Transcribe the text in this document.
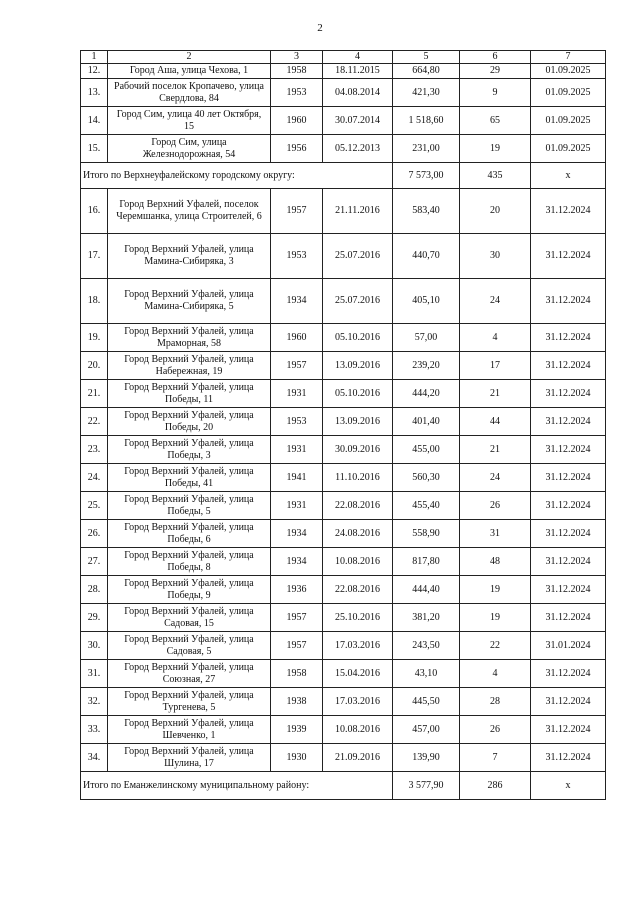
2
1	2	3	4	5	6	7
12.	Город Аша, улица Чехова, 1	1958	18.11.2015	664,80	29	01.09.2025
13.	Рабочий поселок Кропачево, улица Свердлова, 84	1953	04.08.2014	421,30	9	01.09.2025
14.	Город Сим, улица 40 лет Октября, 15	1960	30.07.2014	1 518,60	65	01.09.2025
15.	Город Сим, улица Железнодорожная, 54	1956	05.12.2013	231,00	19	01.09.2025
Итого по Верхнеуфалейскому городскому округу:				7 573,00	435	х
16.	Город Верхний Уфалей, поселок Черемшанка, улица Строителей, 6	1957	21.11.2016	583,40	20	31.12.2024
17.	Город Верхний Уфалей, улица Мамина-Сибиряка, 3	1953	25.07.2016	440,70	30	31.12.2024
18.	Город Верхний Уфалей, улица Мамина-Сибиряка, 5	1934	25.07.2016	405,10	24	31.12.2024
19.	Город Верхний Уфалей, улица Мраморная, 58	1960	05.10.2016	57,00	4	31.12.2024
20.	Город Верхний Уфалей, улица Набережная, 19	1957	13.09.2016	239,20	17	31.12.2024
21.	Город Верхний Уфалей, улица Победы, 11	1931	05.10.2016	444,20	21	31.12.2024
22.	Город Верхний Уфалей, улица Победы, 20	1953	13.09.2016	401,40	44	31.12.2024
23.	Город Верхний Уфалей, улица Победы, 3	1931	30.09.2016	455,00	21	31.12.2024
24.	Город Верхний Уфалей, улица Победы, 41	1941	11.10.2016	560,30	24	31.12.2024
25.	Город Верхний Уфалей, улица Победы, 5	1931	22.08.2016	455,40	26	31.12.2024
26.	Город Верхний Уфалей, улица Победы, 6	1934	24.08.2016	558,90	31	31.12.2024
27.	Город Верхний Уфалей, улица Победы, 8	1934	10.08.2016	817,80	48	31.12.2024
28.	Город Верхний Уфалей, улица Победы, 9	1936	22.08.2016	444,40	19	31.12.2024
29.	Город Верхний Уфалей, улица Садовая, 15	1957	25.10.2016	381,20	19	31.12.2024
30.	Город Верхний Уфалей, улица Садовая, 5	1957	17.03.2016	243,50	22	31.01.2024
31.	Город Верхний Уфалей, улица Союзная, 27	1958	15.04.2016	43,10	4	31.12.2024
32.	Город Верхний Уфалей, улица Тургенева, 5	1938	17.03.2016	445,50	28	31.12.2024
33.	Город Верхний Уфалей, улица Шевченко, 1	1939	10.08.2016	457,00	26	31.12.2024
34.	Город Верхний Уфалей, улица Шулина, 17	1930	21.09.2016	139,90	7	31.12.2024
Итого по Еманжелинскому муниципальному району:				3 577,90	286	х
